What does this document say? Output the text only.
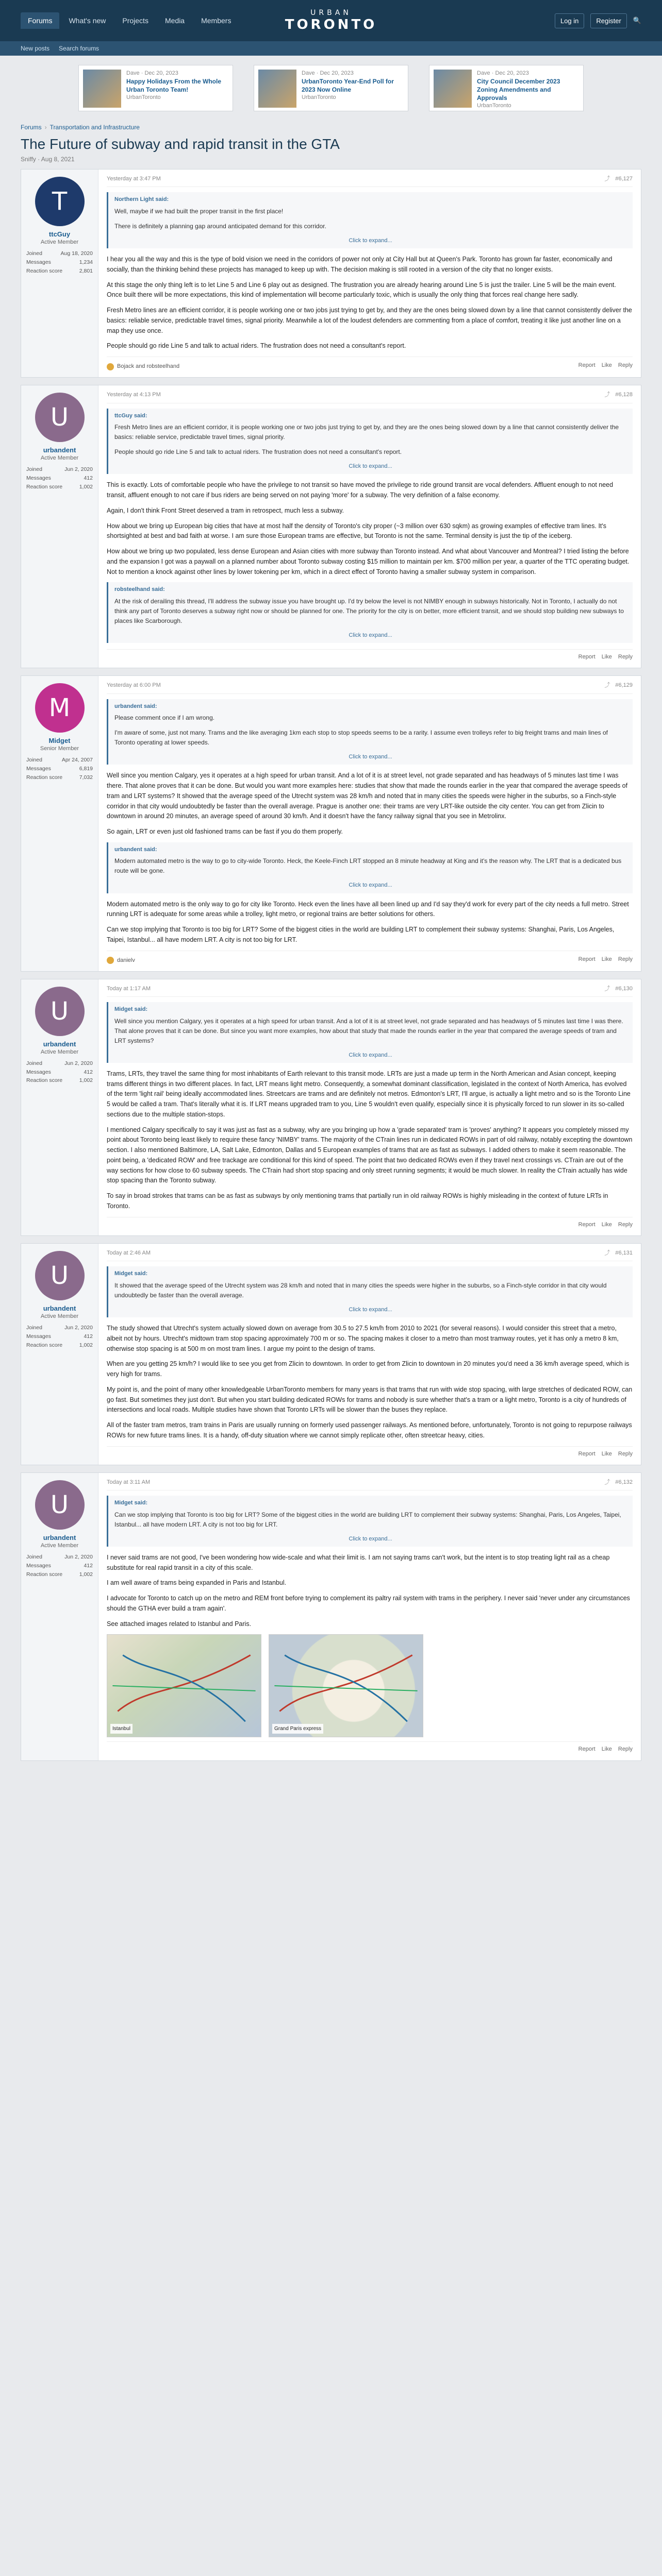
Forums	What's new	Projects	Media	Members
URBAN
TORONTO	Log in	Register	🔍
New posts Search forums
Dave · Dec 20, 2023
Happy Holidays From the Whole Urban Toronto Team!
UrbanToronto
Dave · Dec 20, 2023
UrbanToronto Year-End Poll for 2023 Now Online
UrbanToronto
Dave · Dec 20, 2023
City Council December 2023 Zoning Amendments and Approvals
UrbanToronto
Forums › Transportation and Infrastructure
The Future of subway and rapid transit in the GTA
Sniffy · Aug 8, 2021
T
ttcGuy
Active Member
Joined	Aug 18, 2020
Messages	1,234
Reaction score	2,801
Yesterday at 3:47 PM	⤴ #6,127
Northern Light said:

Well, maybe if we had built the proper transit in the first place!

There is definitely a planning gap around anticipated demand for this corridor.

Click to expand...

I hear you all the way and this is the type of bold vision we need in the corridors of power not only at City Hall but at Queen's Park. Toronto has grown far faster, economically and socially, than the thinking behind these projects has managed to keep up with. The decision making is still rooted in a version of the city that no longer exists.

At this stage the only thing left is to let Line 5 and Line 6 play out as designed. The frustration you are already hearing around Line 5 is just the trailer. Line 5 will be the main event. Once built there will be more expectations, this kind of implementation will become particularly toxic, which is usually the only thing that forces real change here sadly.

Fresh Metro lines are an efficient corridor, it is people working one or two jobs just trying to get by, and they are the ones being slowed down by a line that cannot consistently deliver the basics: reliable service, predictable travel times, signal priority. Meanwhile a lot of the loudest defenders are commenting from a place of comfort, treating it like just another line on a map they use once.

People should go ride Line 5 and talk to actual riders. The frustration does not need a consultant's report.

Bojack and robsteelhand	Report Like Reply
U
urbandent
Active Member
Joined	Jun 2, 2020
Messages	412
Reaction score	1,002
Yesterday at 4:13 PM	⤴ #6,128
ttcGuy said:

Fresh Metro lines are an efficient corridor, it is people working one or two jobs just trying to get by, and they are the ones being slowed down by a line that cannot consistently deliver the basics: reliable service, predictable travel times, signal priority.

People should go ride Line 5 and talk to actual riders. The frustration does not need a consultant's report.

Click to expand...

This is exactly. Lots of comfortable people who have the privilege to not transit so have moved the privilege to ride ground transit are vocal defenders. Affluent enough to not need transit, affluent enough to not care if bus riders are being served on not paying 'more' for a subway. The very definition of a false economy.

Again, I don't think Front Street deserved a tram in retrospect, much less a subway.

How about we bring up European big cities that have at most half the density of Toronto's city proper (~3 million over 630 sqkm) as growing examples of effective tram lines. It's shortsighted at best and bad faith at worse. I am sure those European trams are effective, but Toronto is not the same. Terminal density is just the tip of the iceberg.

How about we bring up two populated, less dense European and Asian cities with more subway than Toronto instead. And what about Vancouver and Montreal? I tried listing the before and the expansion I got was a paywall on a planned number about Toronto subway costing $15 million to maintain per km. $700 million per year, a quarter of the TTC operating budget. Not to mention a knock against other lines by lower tokening per km, which in a direct effect of Toronto having a smaller subway system in comparison.

robsteelhand said:

At the risk of derailing this thread, I'll address the subway issue you have brought up. I'd try below the level is not NIMBY enough in subways historically. Not in Toronto, I actually do not think any part of Toronto deserves a subway right now or should be planned for one. The priority for the city is on better, more efficient transit, and we should stop building new subways to places like Scarborough.

Click to expand...
Report Like Reply
M
Midget
Senior Member
Joined	Apr 24, 2007
Messages	6,819
Reaction score	7,032
Yesterday at 6:00 PM	⤴ #6,129
urbandent said:

Please comment once if I am wrong.

I'm aware of some, just not many. Trams and the like averaging 1km each stop to stop speeds seems to be a rarity. I assume even trolleys refer to big freight trams and main lines of Toronto operating at lower speeds.

Click to expand...

Well since you mention Calgary, yes it operates at a high speed for urban transit. And a lot of it is at street level, not grade separated and has headways of 5 minutes last time I was there. That alone proves that it can be done. But would you want more examples here: studies that show that made the rounds earlier in the year that compared the average speeds of tram and LRT systems? It showed that the average speed of the Utrecht system was 28 km/h and noted that in many cities the speeds were higher in the suburbs, so a Finch-style corridor in that city would undoubtedly be faster than the overall average. Prague is another one: their trams are very LRT-like outside the city center. You can get from Zlicin to downtown in around 20 minutes, an average speed of around 30 km/h. And it doesn't have the fancy railway signal that you see in Metrolinx.

So again, LRT or even just old fashioned trams can be fast if you do them properly.

urbandent said:

Modern automated metro is the way to go to city-wide Toronto. Heck, the Keele-Finch LRT stopped an 8 minute headway at King and it's the reason why. The LRT that is a dedicated bus route will be gone.

Click to expand...

Modern automated metro is the only way to go for city like Toronto. Heck even the lines have all been lined up and I'd say they'd work for every part of the city needs a full metro. Street running LRT is adequate for some areas while a trolley, light metro, or regional trains are better solutions for others.

Can we stop implying that Toronto is too big for LRT? Some of the biggest cities in the world are building LRT to complement their subway systems: Shanghai, Paris, Los Angeles, Taipei, Istanbul... all have modern LRT. A city is not too big for LRT.

danielv	Report Like Reply
U
urbandent
Active Member
Joined	Jun 2, 2020
Messages	412
Reaction score	1,002
Today at 1:17 AM	⤴ #6,130
Midget said:

Well since you mention Calgary, yes it operates at a high speed for urban transit. And a lot of it is at street level, not grade separated and has headways of 5 minutes last time I was there. That alone proves that it can be done. But since you want more examples, how about that study that made the rounds earlier in the year that compared the average speeds of tram and LRT systems?

Click to expand...

Trams, LRTs, they travel the same thing for most inhabitants of Earth relevant to this transit mode. LRTs are just a made up term in the North American and Asian concept, keeping trams different things in two different places. In fact, LRT means light metro. Consequently, a somewhat dominant classification, legislated in the context of North America, has evolved of the term 'light rail' being ideally accommodated lines. Streetcars are trams and are definitely not metros. Edmonton's LRT, I'll argue, is actually a light metro and so is the Toronto Line 5 would be called a tram. That's literally what it is. If LRT means upgraded tram to you, Line 5 wouldn't even qualify, especially since it is physically forced to run slower in its so-called sections due to the multiple station-stops.

I mentioned Calgary specifically to say it was just as fast as a subway, why are you bringing up how a 'grade separated' tram is 'proves' anything? It appears you completely missed my point about Toronto being least likely to require these fancy 'NIMBY' trams. The majority of the CTrain lines run in dedicated ROWs in part of old railway, notably excepting the downtown section. I also mentioned Baltimore, LA, Salt Lake, Edmonton, Dallas and 5 European examples of trams that are as fast as subways. I added others to make it seem reasonable. The point being, a 'dedicated ROW' and free trackage are conditional for this kind of speed. The point that two dedicated ROWs even if they travel next crossings vs. CTrain are out of the way sections for how close to 60 subway speeds. The CTrain had short stop spacing and only street running segments; it would be much slower. In reality the CTrain actually has wide stop spacing than the Toronto subway.

To say in broad strokes that trams can be as fast as subways by only mentioning trams that partially run in old railway ROWs is highly misleading in the context of future LRTs in Toronto.

Report Like Reply
U
urbandent
Active Member
Joined	Jun 2, 2020
Messages	412
Reaction score	1,002
Today at 2:46 AM	⤴ #6,131
Midget said:

It showed that the average speed of the Utrecht system was 28 km/h and noted that in many cities the speeds were higher in the suburbs, so a Finch-style corridor in that city would undoubtedly be faster than the overall average.

Click to expand...

The study showed that Utrecht's system actually slowed down on average from 30.5 to 27.5 km/h from 2010 to 2021 (for several reasons). I would consider this street that a metro, albeit not by hours. Utrecht's midtown tram stop spacing approximately 700 m or so. The spacing makes it closer to a metro than most tramway routes, yet it has only a metro 8 km, otherwise stop spacing is at 500 m on most tram lines. I argue my point to the design of trams.

When are you getting 25 km/h? I would like to see you get from Zlicin to downtown. In order to get from Zlicin to downtown in 20 minutes you'd need a 36 km/h average speed, which is very high for trams.

My point is, and the point of many other knowledgeable UrbanToronto members for many years is that trams that run with wide stop spacing, with large stretches of dedicated ROW, can go fast. But sometimes they just don't. But when you start building dedicated ROWs for trams and nobody is sure whether that's a tram or a light metro, Toronto is a city of hundreds of intersections and local roads. Multiple studies have shown that Toronto LRTs will be slower than the buses they replace.

All of the faster tram metros, tram trains in Paris are usually running on formerly used passenger railways. As mentioned before, unfortunately, Toronto is not going to repurpose railways ROWs for new future trams lines. It is a handy, off-duty situation where we cannot simply replicate other, often streetcar heavy, cities.

Report Like Reply
U
urbandent
Active Member
Joined	Jun 2, 2020
Messages	412
Reaction score	1,002
Today at 3:11 AM	⤴ #6,132
Midget said:

Can we stop implying that Toronto is too big for LRT? Some of the biggest cities in the world are building LRT to complement their subway systems: Shanghai, Paris, Los Angeles, Taipei, Istanbul... all have modern LRT. A city is not too big for LRT.

Click to expand...

I never said trams are not good, I've been wondering how wide-scale and what their limit is. I am not saying trams can't work, but the intent is to stop treating light rail as a cheap substitute for real rapid transit in a city of this scale.

I am well aware of trams being expanded in Paris and Istanbul.

I advocate for Toronto to catch up on the metro and REM front before trying to complement its paltry rail system with trams in the periphery. I never said 'never under any circumstances should the GTHA ever build a tram again'.

See attached images related to Istanbul and Paris.

Istanbul	Grand Paris express
Report Like Reply
